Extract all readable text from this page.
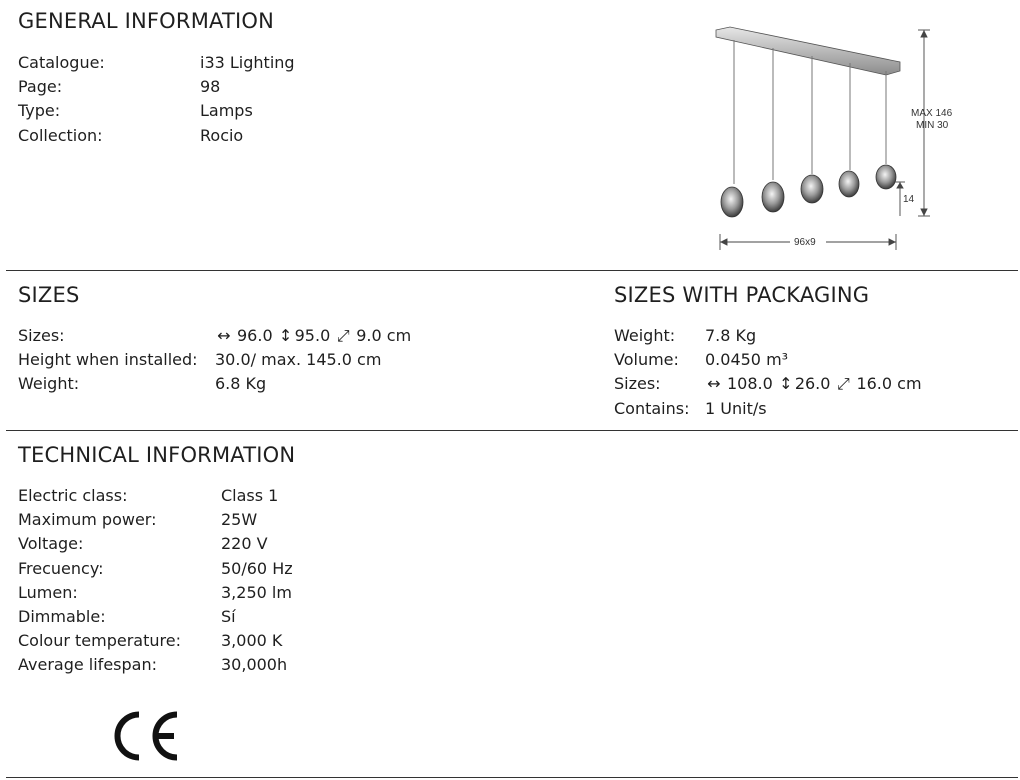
GENERAL INFORMATION
Catalogue:	i33 Lighting
Page:	98
Type:	Lamps
Collection:	Rocio
MAX 146
MIN 30
14
96x9
SIZES
Sizes:	↔ 96.0 ↕ 95.0 ⤢ 9.0 cm
Height when installed:	30.0/ max. 145.0 cm
Weight:	6.8 Kg
SIZES WITH PACKAGING
Weight:	7.8 Kg
Volume:	0.0450 m³
Sizes:	↔ 108.0 ↕ 26.0 ⤢ 16.0 cm
Contains: 1 Unit/s
TECHNICAL INFORMATION
Electric class:	Class 1
Maximum power:	25W
Voltage:	220 V
Frecuency:	50/60 Hz
Lumen:	3,250 lm
Dimmable:	Sí
Colour temperature:	3,000 K
Average lifespan:	30,000h
